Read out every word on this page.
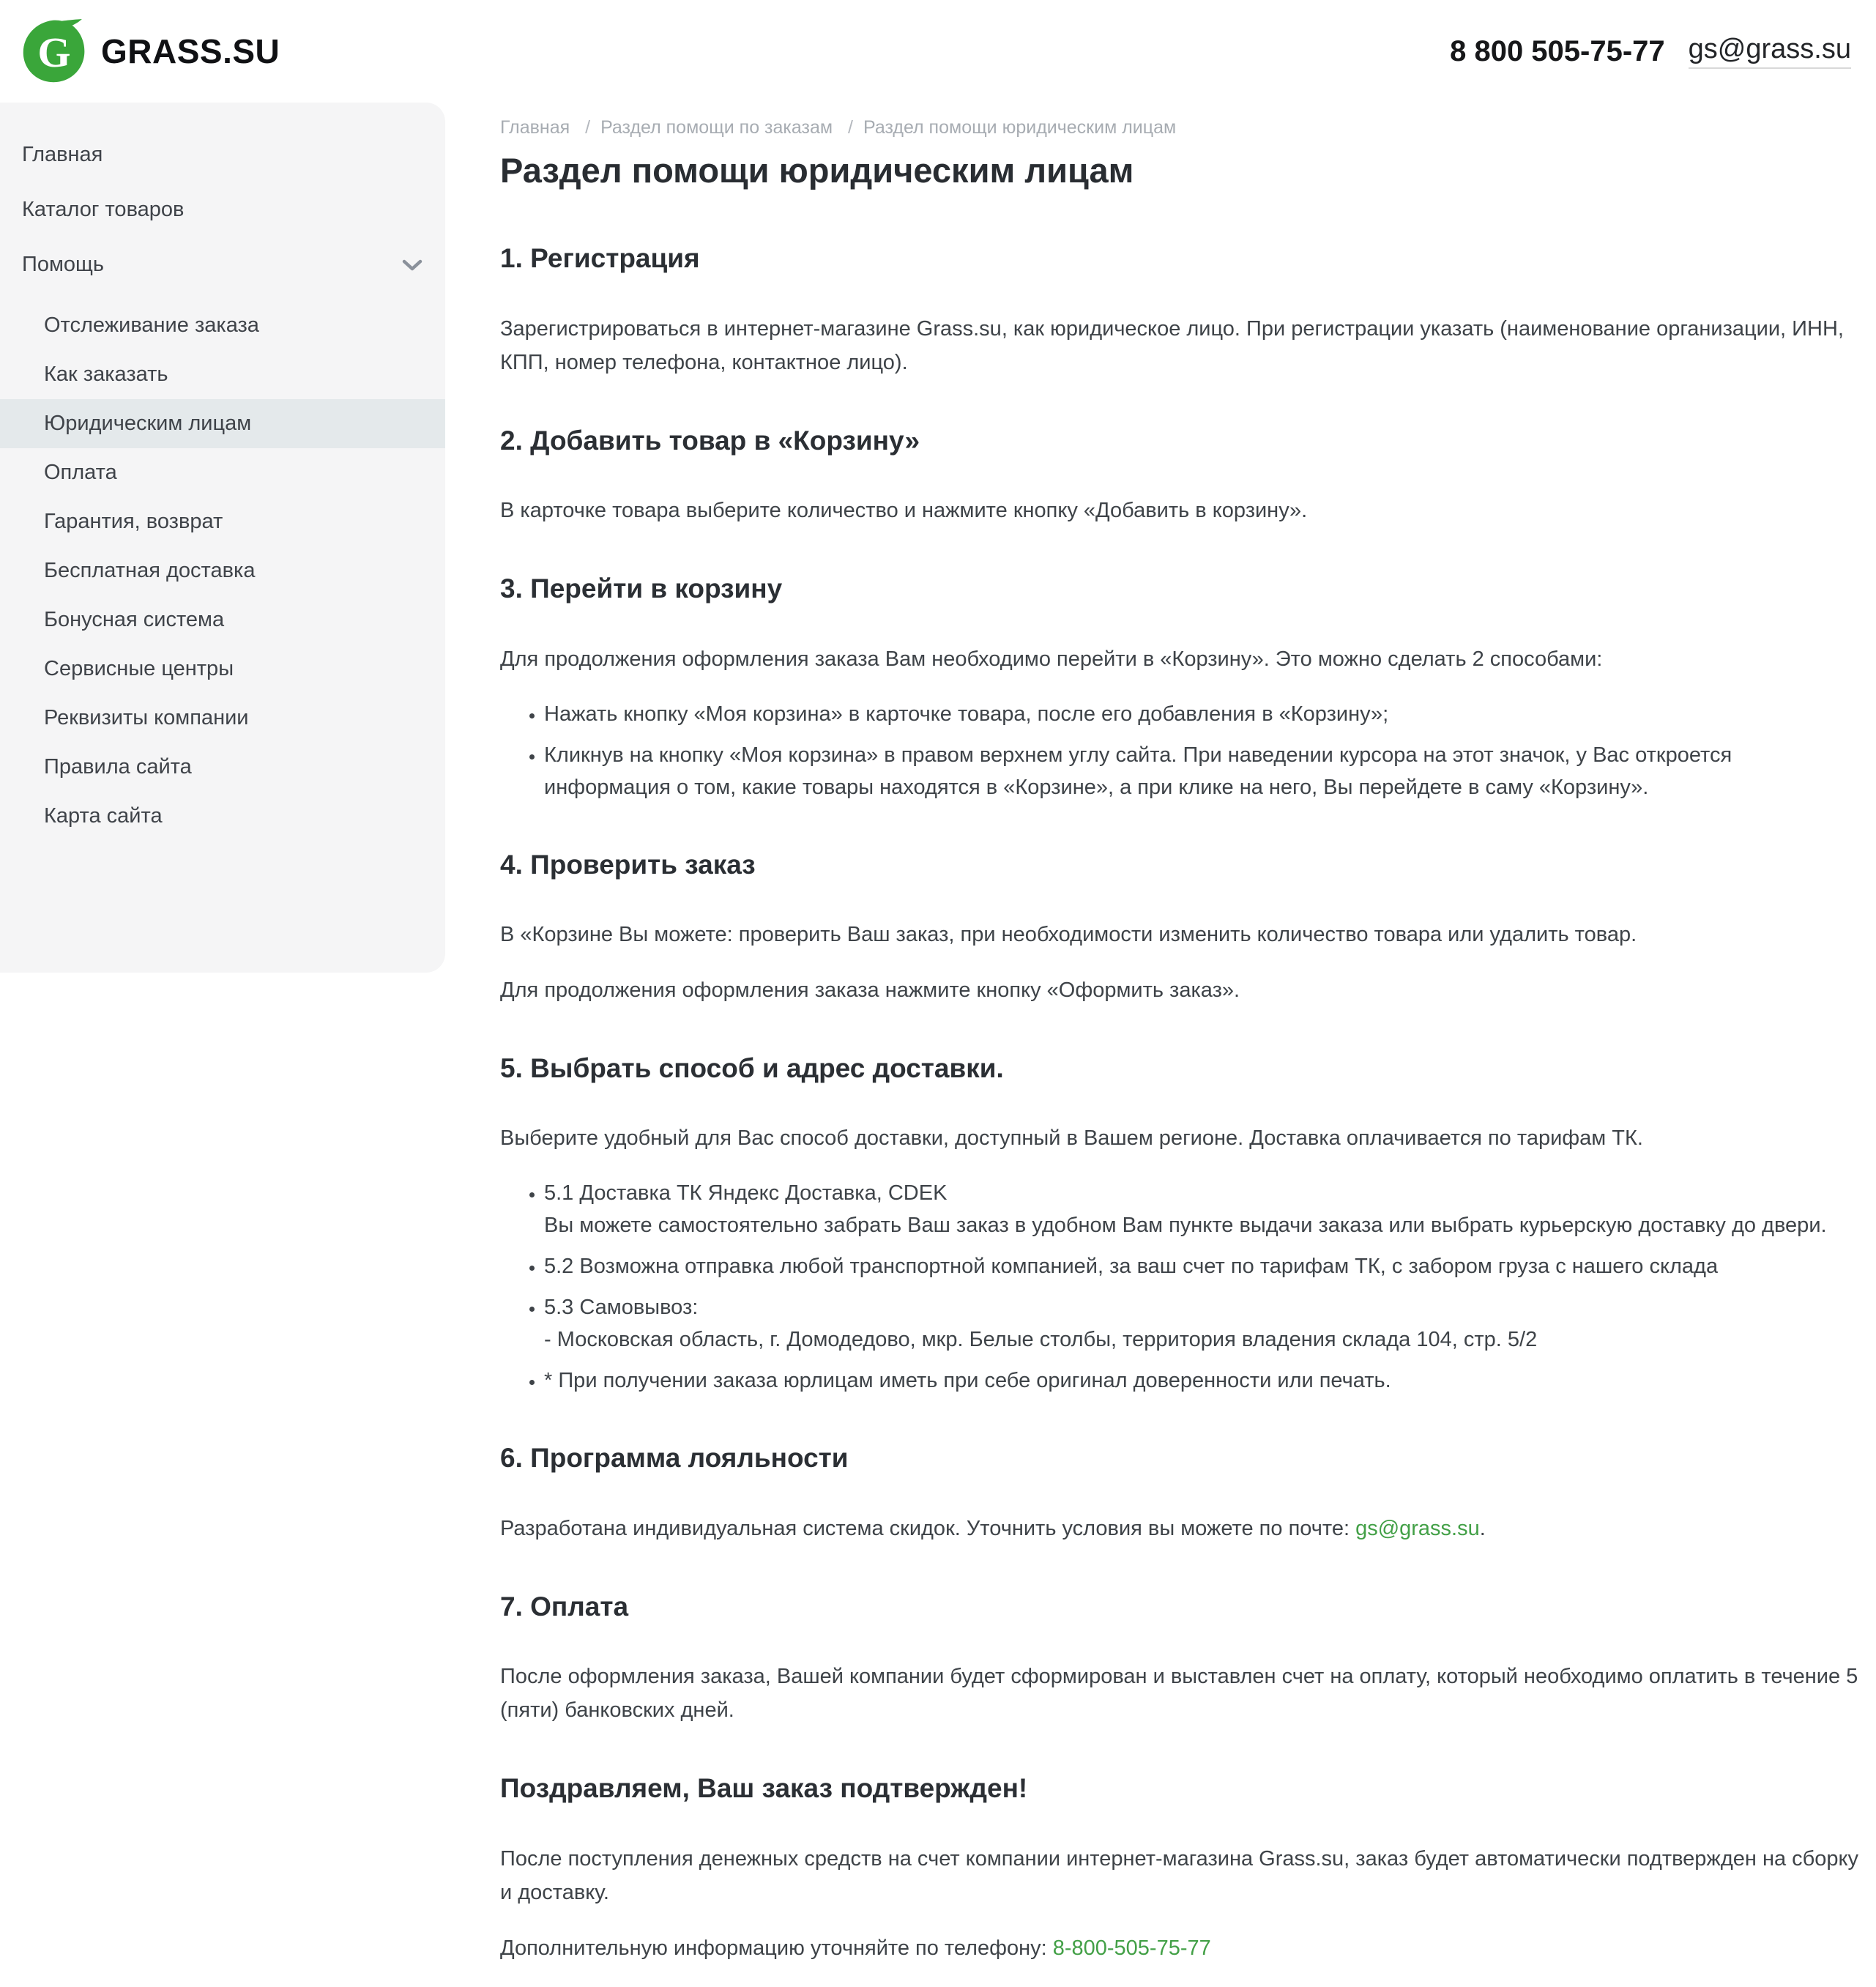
G GRASS.SU	8 800 505-75-77 gs@grass.su
Главная
Каталог товаров
Помощь
Отслеживание заказа
Как заказать
Юридическим лицам
Оплата
Гарантия, возврат
Бесплатная доставка
Бонусная система
Сервисные центры
Реквизиты компании
Правила сайта
Карта сайта
Главная / Раздел помощи по заказам / Раздел помощи юридическим лицам
Раздел помощи юридическим лицам
1. Регистрация

Зарегистрироваться в интернет-магазине Grass.su, как юридическое лицо. При регистрации указать (наименование организации, ИНН, КПП, номер телефона, контактное лицо).

2. Добавить товар в «Корзину»

В карточке товара выберите количество и нажмите кнопку «Добавить в корзину».

3. Перейти в корзину

Для продолжения оформления заказа Вам необходимо перейти в «Корзину». Это можно сделать 2 способами:

• Нажать кнопку «Моя корзина» в карточке товара, после его добавления в «Корзину»;
• Кликнув на кнопку «Моя корзина» в правом верхнем углу сайта. При наведении курсора на этот значок, у Вас откроется информация о том, какие товары находятся в «Корзине», а при клике на него, Вы перейдете в саму «Корзину».
4. Проверить заказ

В «Корзине Вы можете: проверить Ваш заказ, при необходимости изменить количество товара или удалить товар.

Для продолжения оформления заказа нажмите кнопку «Оформить заказ».

5. Выбрать способ и адрес доставки.

Выберите удобный для Вас способ доставки, доступный в Вашем регионе. Доставка оплачивается по тарифам ТК.

• 5.1 Доставка ТК Яндекс Доставка, CDEK
Вы можете самостоятельно забрать Ваш заказ в удобном Вам пункте выдачи заказа или выбрать курьерскую доставку до двери.
• 5.2 Возможна отправка любой транспортной компанией, за ваш счет по тарифам ТК, с забором груза с нашего склада
• 5.3 Самовывоз:
- Московская область, г. Домодедово, мкр. Белые столбы, территория владения склада 104, стр. 5/2
• * При получении заказа юрлицам иметь при себе оригинал доверенности или печать.
6. Программа лояльности

Разработана индивидуальная система скидок. Уточнить условия вы можете по почте: gs@grass.su.

7. Оплата

После оформления заказа, Вашей компании будет сформирован и выставлен счет на оплату, который необходимо оплатить в течение 5 (пяти) банковских дней.

Поздравляем, Ваш заказ подтвержден!

После поступления денежных средств на счет компании интернет-магазина Grass.su, заказ будет автоматически подтвержден на сборку и доставку.

Дополнительную информацию уточняйте по телефону: 8-800-505-75-77
